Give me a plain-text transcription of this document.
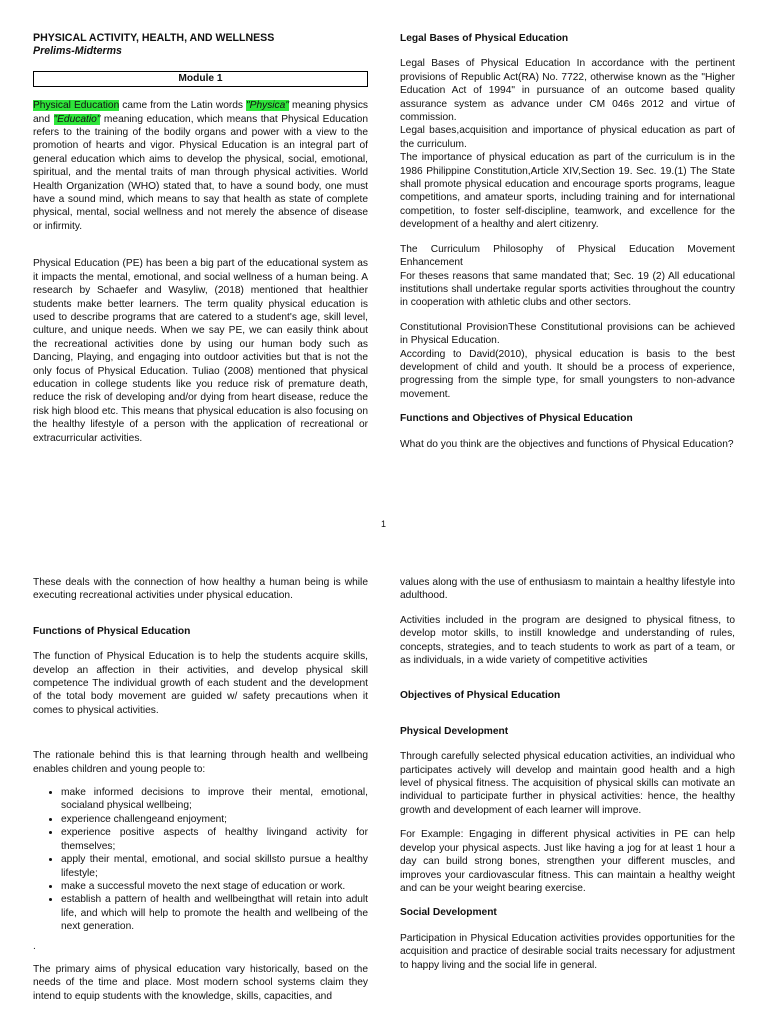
PHYSICAL ACTIVITY, HEALTH, AND WELLNESS
Prelims-Midterms
Module 1

Physical Education came from the Latin words "Physica" meaning physics and "Educatio" meaning education, which means that Physical Education refers to the training of the bodily organs and power with a view to the promotion of hearts and vigor. Physical Education is an integral part of general education which aims to develop the physical, social, emotional, spiritual, and the mental traits of man through physical activities. World Health Organization (WHO) stated that, to have a sound body, one must have a sound mind, which means to say that health as state of complete physical, mental, social wellness and not merely the absence of disease or infirmity.

Physical Education (PE) has been a big part of the educational system as it impacts the mental, emotional, and social wellness of a human being. A research by Schaefer and Wasyliw, (2018) mentioned that healthier students make better learners. The term quality physical education is used to describe programs that are catered to a student's age, skill level, culture, and unique needs. When we say PE, we can easily think about the recreational activities done by using our human body such as Dancing, Playing, and engaging into outdoor activities but that is not the only focus of Physical Education. Tuliao (2008) mentioned that physical education in college students like you reduce risk of premature death, reduce the risk of developing and/or dying from heart disease, reduce the risk high blood etc. This means that physical education is also focusing on the healthy lifestyle of a person with the application of recreational or extracurricular activities.

Legal Bases of Physical Education

Legal Bases of Physical Education In accordance with the pertinent provisions of Republic Act(RA) No. 7722, otherwise known as the "Higher Education Act of 1994" in pursuance of an outcome based quality assurance system as advance under CM 046s 2012 and virtue of commission.

Legal bases,acquisition and importance of physical education as part of the curriculum.

The importance of physical education as part of the curriculum is in the 1986 Philippine Constitution,Article XIV,Section 19. Sec. 19.(1) The State shall promote physical education and encourage sports programs, league competitions, and amateur sports, including training and for international competition, to foster self-discipline, teamwork, and excellence for the development of a healthy and alert citizenry.

The Curriculum Philosophy of Physical Education Movement Enhancement

For theses reasons that same mandated that; Sec. 19 (2) All educational institutions shall undertake regular sports activities throughout the country in cooperation with athletic clubs and other sectors.

Constitutional ProvisionThese Constitutional provisions can be achieved in Physical Education.

According to David(2010), physical education is basis to the best development of child and youth. It should be a process of experience, progressing from the simple type, for small youngsters to non-advance movement.

Functions and Objectives of Physical Education

What do you think are the objectives and functions of Physical Education?

1

These deals with the connection of how healthy a human being is while executing recreational activities under physical education.

Functions of Physical Education

The function of Physical Education is to help the students acquire skills, develop an affection in their activities, and develop physical skill competence The individual growth of each student and the development of the total body movement are guided w/ safety precautions when it comes to physical activities.

The rationale behind this is that learning through health and wellbeing enables children and young people to:

• make informed decisions to improve their mental, emotional, socialand physical wellbeing;
• experience challengeand enjoyment;
• experience positive aspects of healthy livingand activity for themselves;
• apply their mental, emotional, and social skillsto pursue a healthy lifestyle;
• make a successful moveto the next stage of education or work.
• establish a pattern of health and wellbeingthat will retain into adult life, and which will help to promote the health and wellbeing of the next generation.
.

The primary aims of physical education vary historically, based on the needs of the time and place. Most modern school systems claim they intend to equip students with the knowledge, skills, capacities, and

values along with the use of enthusiasm to maintain a healthy lifestyle into adulthood.

Activities included in the program are designed to physical fitness, to develop motor skills, to instill knowledge and understanding of rules, concepts, strategies, and to teach students to work as part of a team, or as individuals, in a wide variety of competitive activities

Objectives of Physical Education
Physical Development

Through carefully selected physical education activities, an individual who participates actively will develop and maintain good health and a high level of physical fitness. The acquisition of physical skills can motivate an individual to participate further in physical activities: hence, the healthy growth and development of each learner will improve.

For Example: Engaging in different physical activities in PE can help develop your physical aspects. Just like having a jog for at least 1 hour a day can build strong bones, strengthen your different muscles, and improves your cardiovascular fitness. This can maintain a healthy weight and can be your weight bearing exercise.

Social Development

Participation in Physical Education activities provides opportunities for the acquisition and practice of desirable social traits necessary for adjustment to happy living and the social life in general.
